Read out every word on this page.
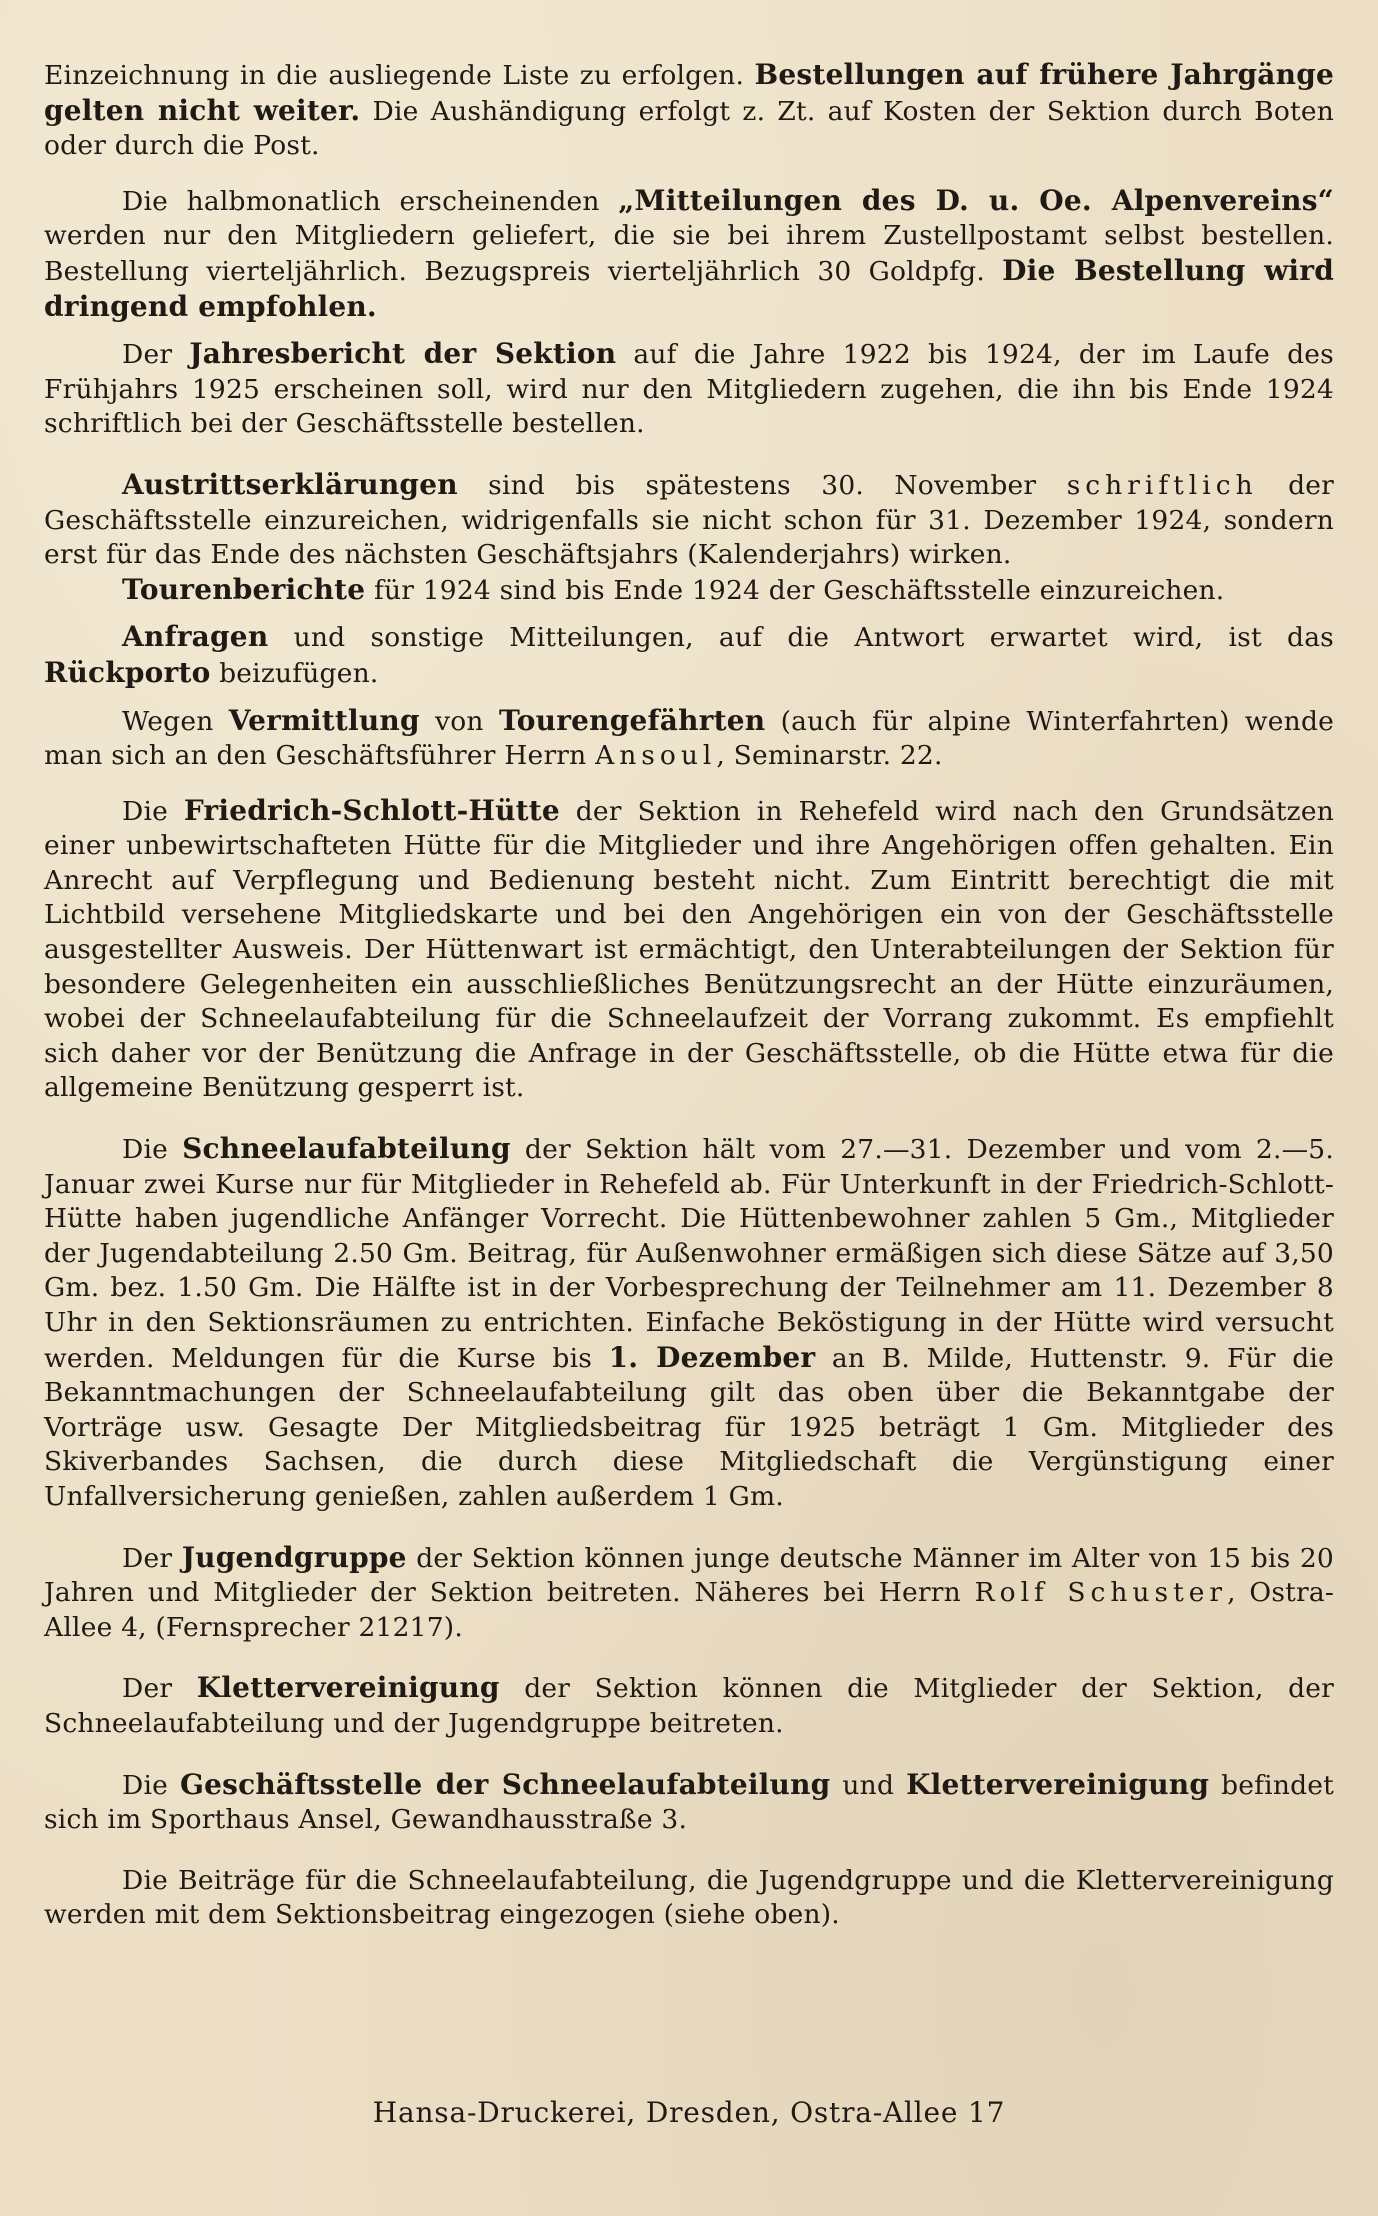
Einzeichnung in die ausliegende Liste zu erfolgen. Bestellungen auf frühere Jahrgänge gelten nicht weiter. Die Aushändigung erfolgt z. Zt. auf Kosten der Sektion durch Boten oder durch die Post.

Die halbmonatlich erscheinenden „Mitteilungen des D. u. Oe. Alpenvereins“ werden nur den Mitgliedern geliefert, die sie bei ihrem Zustellpostamt selbst bestellen. Bestellung vierteljährlich. Bezugspreis vierteljährlich 30 Goldpfg. Die Bestellung wird dringend empfohlen.

Der Jahresbericht der Sektion auf die Jahre 1922 bis 1924, der im Laufe des Frühjahrs 1925 erscheinen soll, wird nur den Mitgliedern zugehen, die ihn bis Ende 1924 schriftlich bei der Geschäftsstelle bestellen.

Austrittserklärungen sind bis spätestens 30. November schriftlich der Geschäftsstelle einzureichen, widrigenfalls sie nicht schon für 31. Dezember 1924, sondern erst für das Ende des nächsten Geschäftsjahrs (Kalenderjahrs) wirken.

Tourenberichte für 1924 sind bis Ende 1924 der Geschäftsstelle einzureichen.

Anfragen und sonstige Mitteilungen, auf die Antwort erwartet wird, ist das Rückporto beizufügen.

Wegen Vermittlung von Tourengefährten (auch für alpine Winterfahrten) wende man sich an den Geschäftsführer Herrn Ansoul, Seminarstr. 22.

Die Friedrich-Schlott-Hütte der Sektion in Rehefeld wird nach den Grundsätzen einer unbewirtschafteten Hütte für die Mitglieder und ihre Angehörigen offen gehalten. Ein Anrecht auf Verpflegung und Bedienung besteht nicht. Zum Eintritt berechtigt die mit Lichtbild versehene Mitgliedskarte und bei den Angehörigen ein von der Geschäftsstelle ausgestellter Ausweis. Der Hüttenwart ist ermächtigt, den Unterabteilungen der Sektion für besondere Gelegenheiten ein ausschließliches Benützungsrecht an der Hütte einzuräumen, wobei der Schneelaufabteilung für die Schneelaufzeit der Vorrang zukommt. Es empfiehlt sich daher vor der Benützung die Anfrage in der Geschäftsstelle, ob die Hütte etwa für die allgemeine Benützung gesperrt ist.

Die Schneelaufabteilung der Sektion hält vom 27.—31. Dezember und vom 2.—5. Januar zwei Kurse nur für Mitglieder in Rehefeld ab. Für Unterkunft in der Friedrich-Schlott-Hütte haben jugendliche Anfänger Vorrecht. Die Hüttenbewohner zahlen 5 Gm., Mitglieder der Jugendabteilung 2.50 Gm. Beitrag, für Außenwohner ermäßigen sich diese Sätze auf 3,50 Gm. bez. 1.50 Gm. Die Hälfte ist in der Vorbesprechung der Teilnehmer am 11. Dezember 8 Uhr in den Sektionsräumen zu entrichten. Einfache Beköstigung in der Hütte wird versucht werden. Meldungen für die Kurse bis 1. Dezember an B. Milde, Huttenstr. 9. Für die Bekanntmachungen der Schneelaufabteilung gilt das oben über die Bekanntgabe der Vorträge usw. Gesagte Der Mitgliedsbeitrag für 1925 beträgt 1 Gm. Mitglieder des Skiverbandes Sachsen, die durch diese Mitgliedschaft die Vergünstigung einer Unfallversicherung genießen, zahlen außerdem 1 Gm.

Der Jugendgruppe der Sektion können junge deutsche Männer im Alter von 15 bis 20 Jahren und Mitglieder der Sektion beitreten. Näheres bei Herrn Rolf Schuster, Ostra-Allee 4, (Fernsprecher 21217).

Der Klettervereinigung der Sektion können die Mitglieder der Sektion, der Schneelaufabteilung und der Jugendgruppe beitreten.

Die Geschäftsstelle der Schneelaufabteilung und Klettervereinigung befindet sich im Sporthaus Ansel, Gewandhausstraße 3.

Die Beiträge für die Schneelaufabteilung, die Jugendgruppe und die Klettervereinigung werden mit dem Sektionsbeitrag eingezogen (siehe oben).

Hansa-Druckerei, Dresden, Ostra-Allee 17
